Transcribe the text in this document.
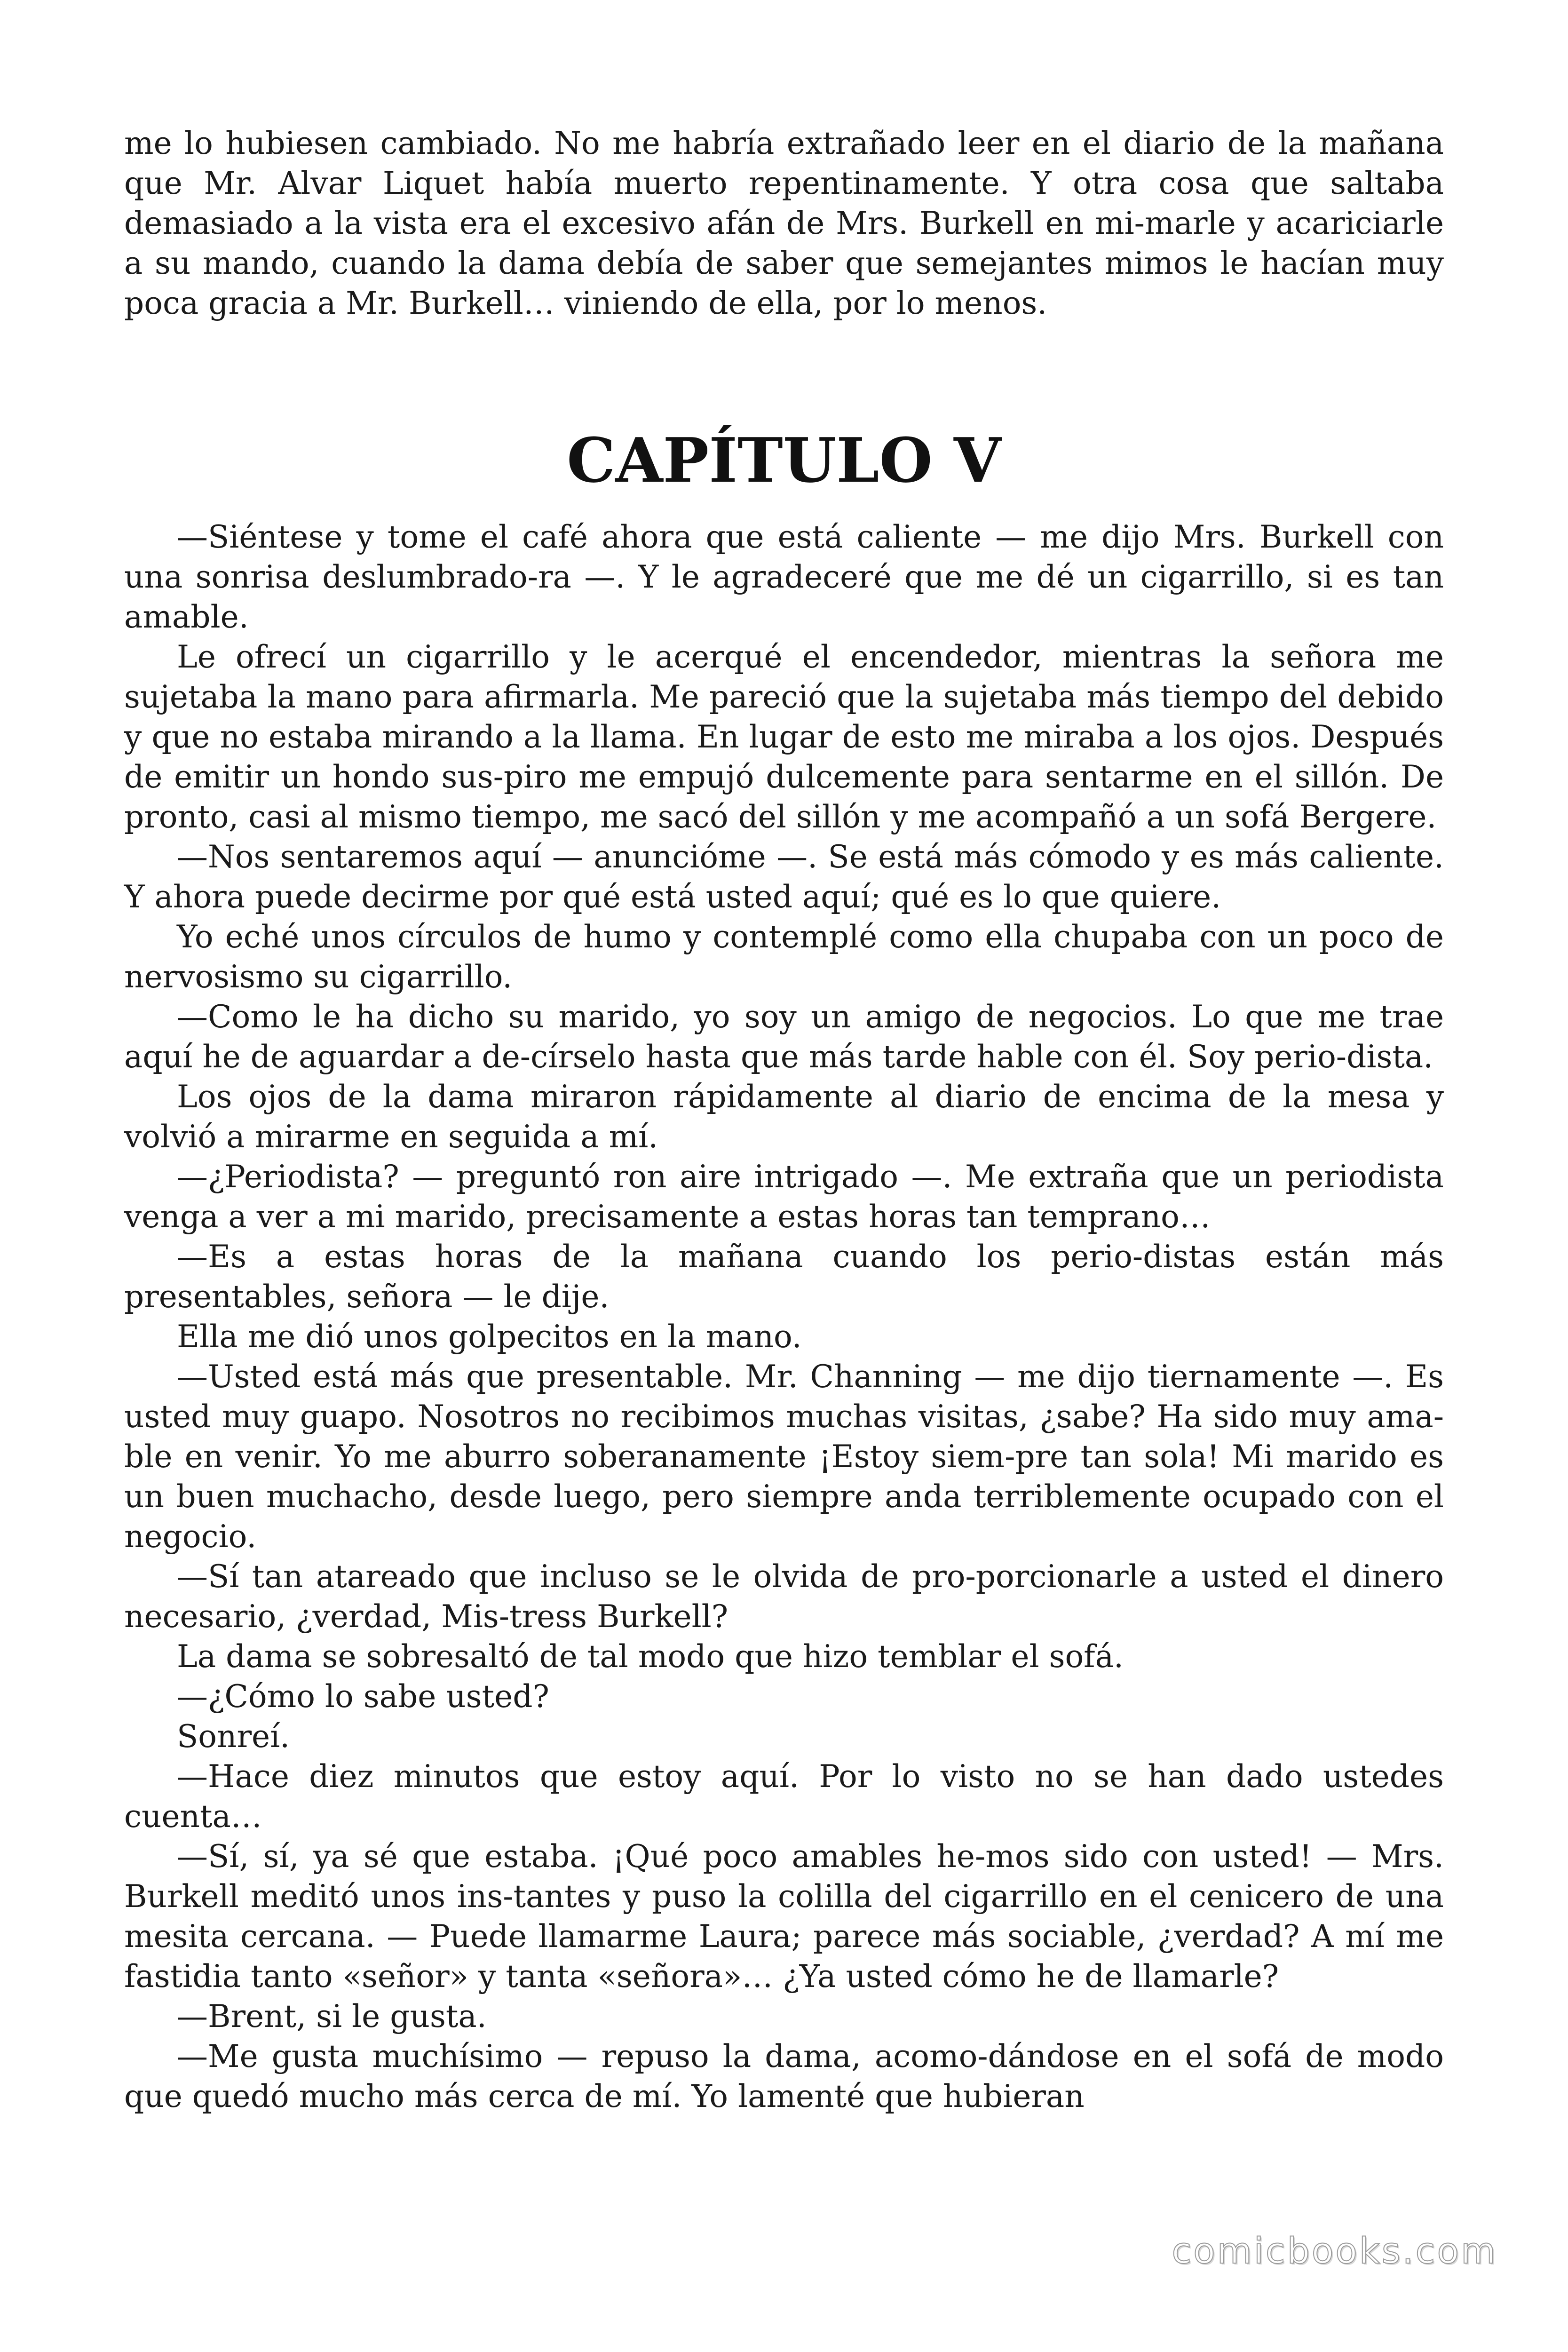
me lo hubiesen cambiado. No me habría extrañado leer en el diario de la mañana que Mr. Alvar Liquet había muerto repentinamente. Y otra cosa que saltaba demasiado a la vista era el excesivo afán de Mrs. Burkell en mi-marle y acariciarle a su mando, cuando la dama debía de saber que semejantes mimos le hacían muy poca gracia a Mr. Burkell… viniendo de ella, por lo menos.

CAPÍTULO V

—Siéntese y tome el café ahora que está caliente — me dijo Mrs. Burkell con una sonrisa deslumbrado-ra —. Y le agradeceré que me dé un cigarrillo, si es tan amable.

Le ofrecí un cigarrillo y le acerqué el encendedor, mientras la señora me sujetaba la mano para afirmarla. Me pareció que la sujetaba más tiempo del debido y que no estaba mirando a la llama. En lugar de esto me miraba a los ojos. Después de emitir un hondo sus-piro me empujó dulcemente para sentarme en el sillón. De pronto, casi al mismo tiempo, me sacó del sillón y me acompañó a un sofá Bergere.

—Nos sentaremos aquí — anuncióme —. Se está más cómodo y es más caliente. Y ahora puede decirme por qué está usted aquí; qué es lo que quiere.

Yo eché unos círculos de humo y contemplé como ella chupaba con un poco de nervosismo su cigarrillo.

—Como le ha dicho su marido, yo soy un amigo de negocios. Lo que me trae aquí he de aguardar a de-círselo hasta que más tarde hable con él. Soy perio-dista.

Los ojos de la dama miraron rápidamente al diario de encima de la mesa y volvió a mirarme en seguida a mí.

—¿Periodista? — preguntó ron aire intrigado —. Me extraña que un periodista venga a ver a mi marido, precisamente a estas horas tan temprano…

—Es a estas horas de la mañana cuando los perio-distas están más presentables, señora — le dije.

Ella me dió unos golpecitos en la mano.

—Usted está más que presentable. Mr. Channing — me dijo tiernamente —. Es usted muy guapo. Nosotros no recibimos muchas visitas, ¿sabe? Ha sido muy ama-ble en venir. Yo me aburro soberanamente ¡Estoy siem-pre tan sola! Mi marido es un buen muchacho, desde luego, pero siempre anda terriblemente ocupado con el negocio.

—Sí tan atareado que incluso se le olvida de pro-porcionarle a usted el dinero necesario, ¿verdad, Mis-tress Burkell?

La dama se sobresaltó de tal modo que hizo temblar el sofá.

—¿Cómo lo sabe usted?

Sonreí.

—Hace diez minutos que estoy aquí. Por lo visto no se han dado ustedes cuenta…

—Sí, sí, ya sé que estaba. ¡Qué poco amables he-mos sido con usted! — Mrs. Burkell meditó unos ins-tantes y puso la colilla del cigarrillo en el cenicero de una mesita cercana. — Puede llamarme Laura; parece más sociable, ¿verdad? A mí me fastidia tanto «señor» y tanta «señora»… ¿Ya usted cómo he de llamarle?

—Brent, si le gusta.

—Me gusta muchísimo — repuso la dama, acomo-dándose en el sofá de modo que quedó mucho más cerca de mí. Yo lamenté que hubieran

comicbooks.com
